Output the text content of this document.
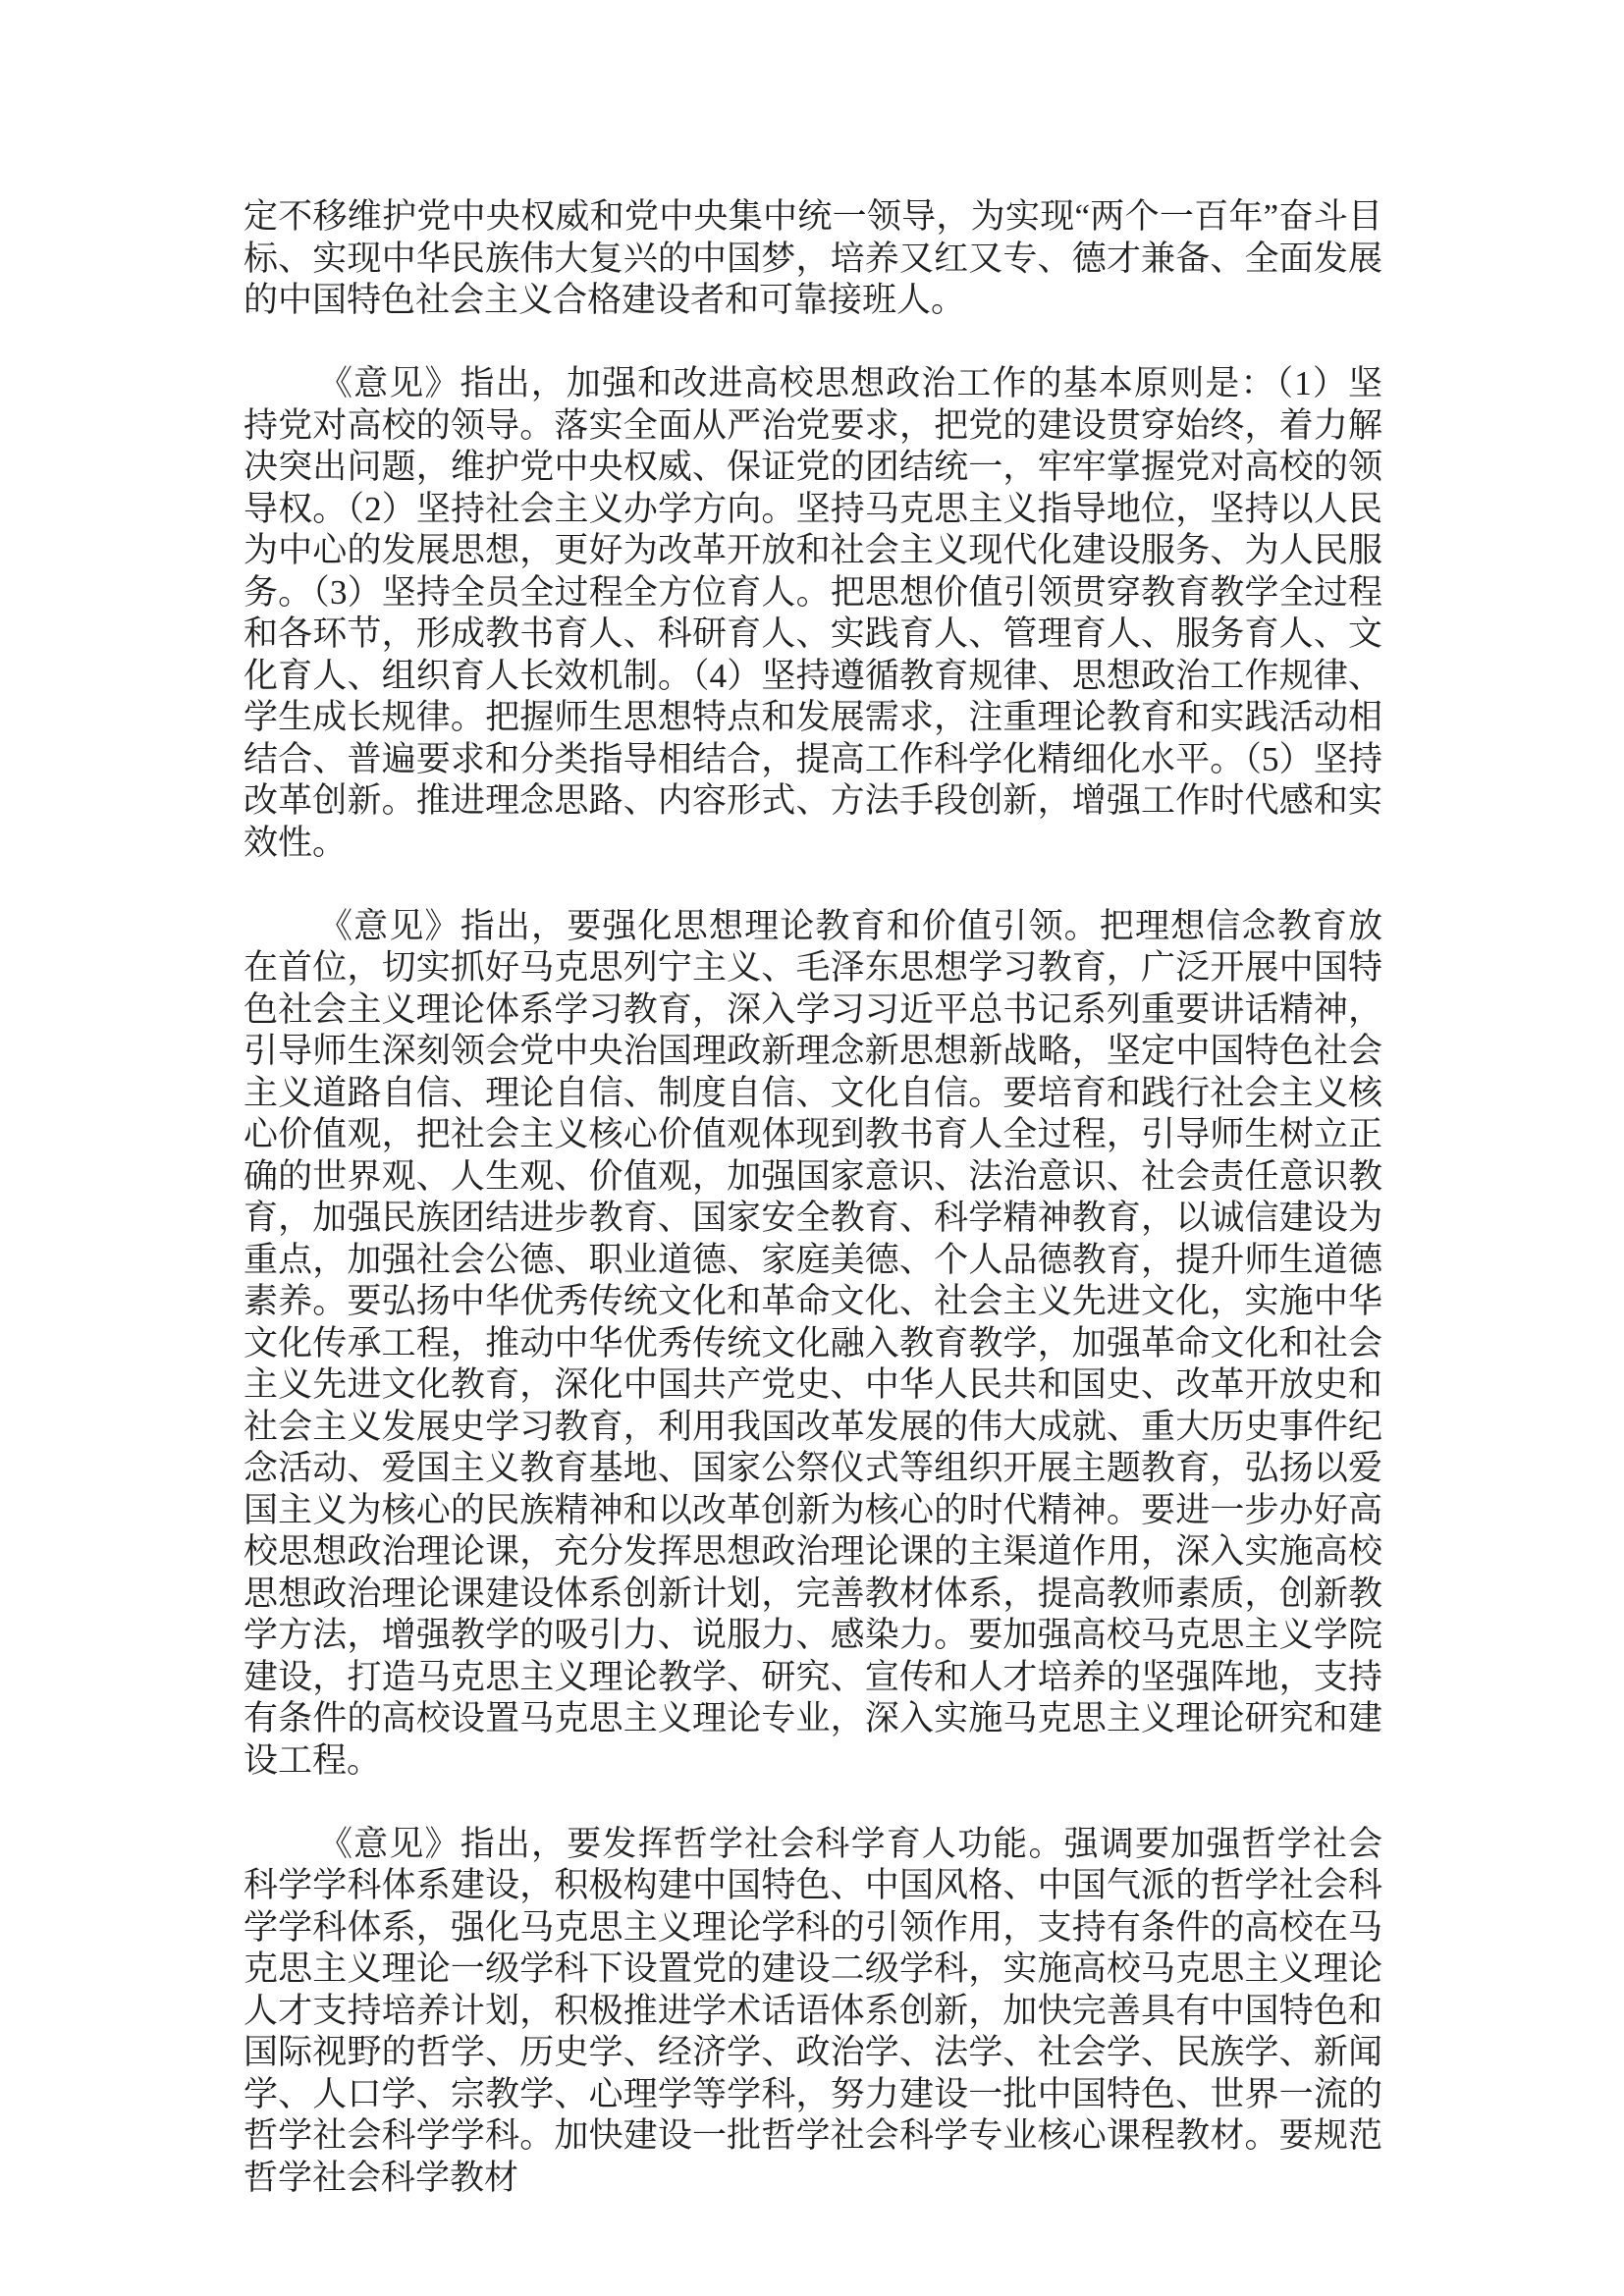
定不移维护党中央权威和党中央集中统一领导，为实现“两个一百年”奋斗目标、实现中华民族伟大复兴的中国梦，培养又红又专、德才兼备、全面发展的中国特色社会主义合格建设者和可靠接班人。

《意见》指出，加强和改进高校思想政治工作的基本原则是：（1）坚持党对高校的领导。落实全面从严治党要求，把党的建设贯穿始终，着力解决突出问题，维护党中央权威、保证党的团结统一，牢牢掌握党对高校的领导权。（2）坚持社会主义办学方向。坚持马克思主义指导地位，坚持以人民为中心的发展思想，更好为改革开放和社会主义现代化建设服务、为人民服务。（3）坚持全员全过程全方位育人。把思想价值引领贯穿教育教学全过程和各环节，形成教书育人、科研育人、实践育人、管理育人、服务育人、文化育人、组织育人长效机制。（4）坚持遵循教育规律、思想政治工作规律、学生成长规律。把握师生思想特点和发展需求，注重理论教育和实践活动相结合、普遍要求和分类指导相结合，提高工作科学化精细化水平。（5）坚持改革创新。推进理念思路、内容形式、方法手段创新，增强工作时代感和实效性。

《意见》指出，要强化思想理论教育和价值引领。把理想信念教育放在首位，切实抓好马克思列宁主义、毛泽东思想学习教育，广泛开展中国特色社会主义理论体系学习教育，深入学习习近平总书记系列重要讲话精神，引导师生深刻领会党中央治国理政新理念新思想新战略，坚定中国特色社会主义道路自信、理论自信、制度自信、文化自信。要培育和践行社会主义核心价值观，把社会主义核心价值观体现到教书育人全过程，引导师生树立正确的世界观、人生观、价值观，加强国家意识、法治意识、社会责任意识教育，加强民族团结进步教育、国家安全教育、科学精神教育，以诚信建设为重点，加强社会公德、职业道德、家庭美德、个人品德教育，提升师生道德素养。要弘扬中华优秀传统文化和革命文化、社会主义先进文化，实施中华文化传承工程，推动中华优秀传统文化融入教育教学，加强革命文化和社会主义先进文化教育，深化中国共产党史、中华人民共和国史、改革开放史和社会主义发展史学习教育，利用我国改革发展的伟大成就、重大历史事件纪念活动、爱国主义教育基地、国家公祭仪式等组织开展主题教育，弘扬以爱国主义为核心的民族精神和以改革创新为核心的时代精神。要进一步办好高校思想政治理论课，充分发挥思想政治理论课的主渠道作用，深入实施高校思想政治理论课建设体系创新计划，完善教材体系，提高教师素质，创新教学方法，增强教学的吸引力、说服力、感染力。要加强高校马克思主义学院建设，打造马克思主义理论教学、研究、宣传和人才培养的坚强阵地，支持有条件的高校设置马克思主义理论专业，深入实施马克思主义理论研究和建设工程。

《意见》指出，要发挥哲学社会科学育人功能。强调要加强哲学社会科学学科体系建设，积极构建中国特色、中国风格、中国气派的哲学社会科学学科体系，强化马克思主义理论学科的引领作用，支持有条件的高校在马克思主义理论一级学科下设置党的建设二级学科，实施高校马克思主义理论人才支持培养计划，积极推进学术话语体系创新，加快完善具有中国特色和国际视野的哲学、历史学、经济学、政治学、法学、社会学、民族学、新闻学、人口学、宗教学、心理学等学科，努力建设一批中国特色、世界一流的哲学社会科学学科。加快建设一批哲学社会科学专业核心课程教材。要规范哲学社会科学教材
